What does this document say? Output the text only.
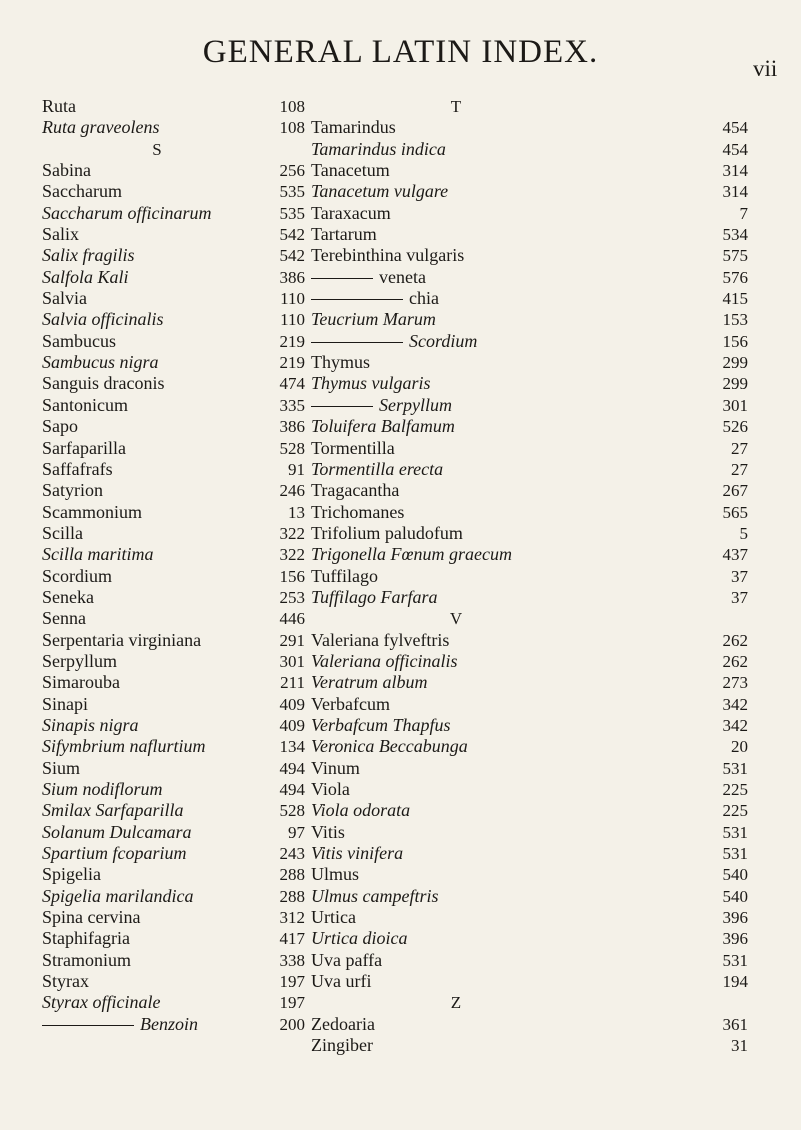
GENERAL LATIN INDEX.	vii
Ruta
Ruta graveolens
S
Sabina
Saccharum
Saccharum officinarum
Salix
Salix fragilis
Salfola Kali
Salvia
Salvia officinalis
Sambucus
Sambucus nigra
Sanguis draconis
Santonicum
Sapo
Sarfaparilla
Saffafrafs
Satyrion
Scammonium
Scilla
Scilla maritima
Scordium
Seneka
Senna
Serpentaria virginiana
Serpyllum
Simarouba
Sinapi
Sinapis nigra
Sifymbrium naflurtium
Sium
Sium nodiflorum
Smilax Sarfaparilla
Solanum Dulcamara
Spartium fcoparium
Spigelia
Spigelia marilandica
Spina cervina
Staphifagria
Stramonium
Styrax
Styrax officinale
Benzoin
108
108

256
535
535
542
542
386
110
110
219
219
474
335
386
528
91
246
13
322
322
156
253
446
291
301
211
409
409
134
494
494
528
97
243
288
288
312
417
338
197
197
200
T
Tamarindus
Tamarindus indica
Tanacetum
Tanacetum vulgare
Taraxacum
Tartarum
Terebinthina vulgaris
veneta
chia
Teucrium Marum
Scordium
Thymus
Thymus vulgaris
Serpyllum
Toluifera Balfamum
Tormentilla
Tormentilla erecta
Tragacantha
Trichomanes
Trifolium paludofum
Trigonella Fœnum graecum
Tuffilago
Tuffilago Farfara
V
Valeriana fylveftris
Valeriana officinalis
Veratrum album
Verbafcum
Verbafcum Thapfus
Veronica Beccabunga
Vinum
Viola
Viola odorata
Vitis
Vitis vinifera
Ulmus
Ulmus campeftris
Urtica
Urtica dioica
Uva paffa
Uva urfi
Z
Zedoaria
Zingiber

454
454
314
314
7
534
575
576
415
153
156
299
299
301
526
27
27
267
565
5
437
37
37

262
262
273
342
342
20
531
225
225
531
531
540
540
396
396
531
194

361
31
